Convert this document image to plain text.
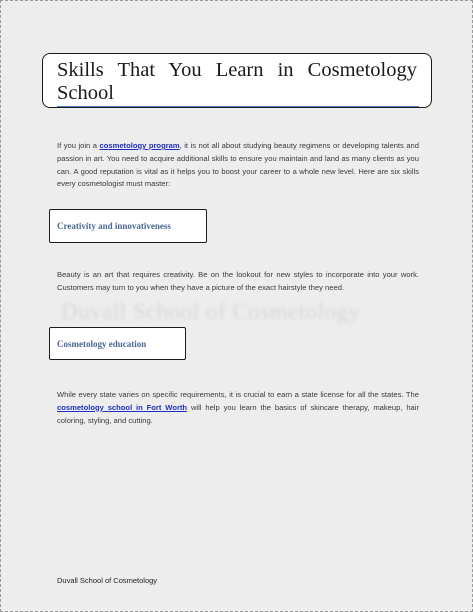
Skills That You Learn in Cosmetology School

If you join a cosmetology program, it is not all about studying beauty regimens or developing talents and passion in art. You need to acquire additional skills to ensure you maintain and land as many clients as you can. A good reputation is vital as it helps you to boost your career to a whole new level. Here are six skills every cosmetologist must master:

Creativity and innovativeness

Beauty is an art that requires creativity. Be on the lookout for new styles to incorporate into your work. Customers may turn to you when they have a picture of the exact hairstyle they need.

Duvall School of Cosmetology
Cosmetology education

While every state varies on specific requirements, it is crucial to earn a state license for all the states. The cosmetology school in Fort Worth will help you learn the basics of skincare therapy, makeup, hair coloring, styling, and cutting.

Duvall School of Cosmetology
